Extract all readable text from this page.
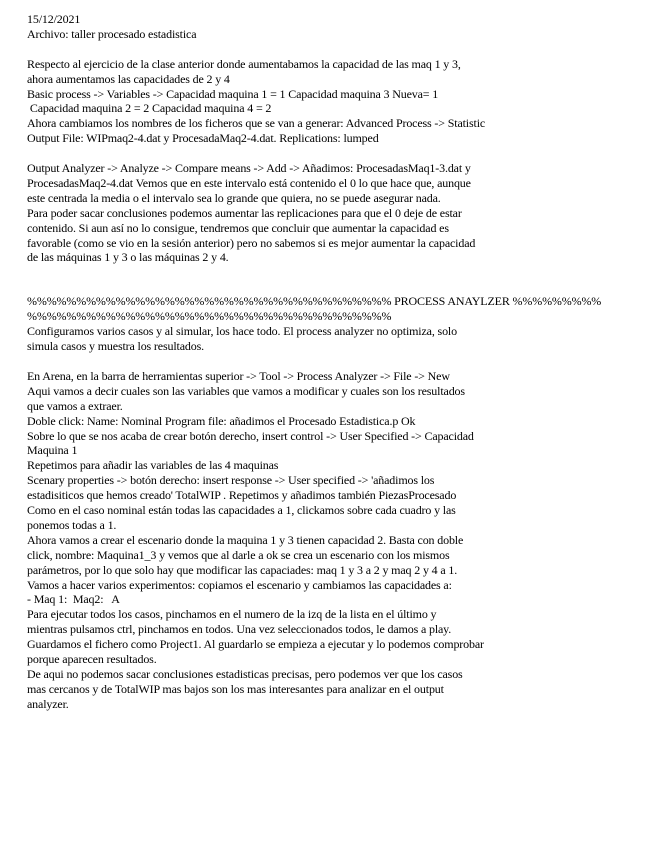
15/12/2021
Archivo: taller procesado estadistica
Respecto al ejercicio de la clase anterior donde aumentabamos la capacidad de las maq 1 y 3,
ahora aumentamos las capacidades de 2 y 4
Basic process -> Variables -> Capacidad maquina 1 = 1 Capacidad maquina 3 Nueva= 1
Capacidad maquina 2 = 2 Capacidad maquina 4 = 2
Ahora cambiamos los nombres de los ficheros que se van a generar: Advanced Process -> Statistic
Output File: WIPmaq2-4.dat y ProcesadaMaq2-4.dat. Replications: lumped
Output Analyzer -> Analyze -> Compare means -> Add -> Añadimos: ProcesadasMaq1-3.dat y
ProcesadasMaq2-4.dat Vemos que en este intervalo está contenido el 0 lo que hace que, aunque
este centrada la media o el intervalo sea lo grande que quiera, no se puede asegurar nada.
Para poder sacar conclusiones podemos aumentar las replicaciones para que el 0 deje de estar
contenido. Si aun así no lo consigue, tendremos que concluir que aumentar la capacidad es
favorable (como se vio en la sesión anterior) pero no sabemos si es mejor aumentar la capacidad
de las máquinas 1 y 3 o las máquinas 2 y 4.
%%%%%%%%%%%%%%%%%%%%%%%%%%%%%%%%%%%%% PROCESS ANAYLZER %%%%%%%%%
%%%%%%%%%%%%%%%%%%%%%%%%%%%%%%%%%%%%%
Configuramos varios casos y al simular, los hace todo. El process analyzer no optimiza, solo
simula casos y muestra los resultados.
En Arena, en la barra de herramientas superior -> Tool -> Process Analyzer -> File -> New
Aqui vamos a decir cuales son las variables que vamos a modificar y cuales son los resultados
que vamos a extraer.
Doble click: Name: Nominal Program file: añadimos el Procesado Estadistica.p Ok
Sobre lo que se nos acaba de crear botón derecho, insert control -> User Specified -> Capacidad
Maquina 1
Repetimos para añadir las variables de las 4 maquinas
Scenary properties -> botón derecho: insert response -> User specified -> 'añadimos los
estadisiticos que hemos creado' TotalWIP . Repetimos y añadimos también PiezasProcesado
Como en el caso nominal están todas las capacidades a 1, clickamos sobre cada cuadro y las
ponemos todas a 1.
Ahora vamos a crear el escenario donde la maquina 1 y 3 tienen capacidad 2. Basta con doble
click, nombre: Maquina1_3 y vemos que al darle a ok se crea un escenario con los mismos
parámetros, por lo que solo hay que modificar las capaciades: maq 1 y 3 a 2 y maq 2 y 4 a 1.
Vamos a hacer varios experimentos: copiamos el escenario y cambiamos las capacidades a:
- Maq 1:  Maq2:   A
Para ejecutar todos los casos, pinchamos en el numero de la izq de la lista en el último y
mientras pulsamos ctrl, pinchamos en todos. Una vez seleccionados todos, le damos a play.
Guardamos el fichero como Project1. Al guardarlo se empieza a ejecutar y lo podemos comprobar
porque aparecen resultados.
De aqui no podemos sacar conclusiones estadisticas precisas, pero podemos ver que los casos
mas cercanos y de TotalWIP mas bajos son los mas interesantes para analizar en el output
analyzer.
